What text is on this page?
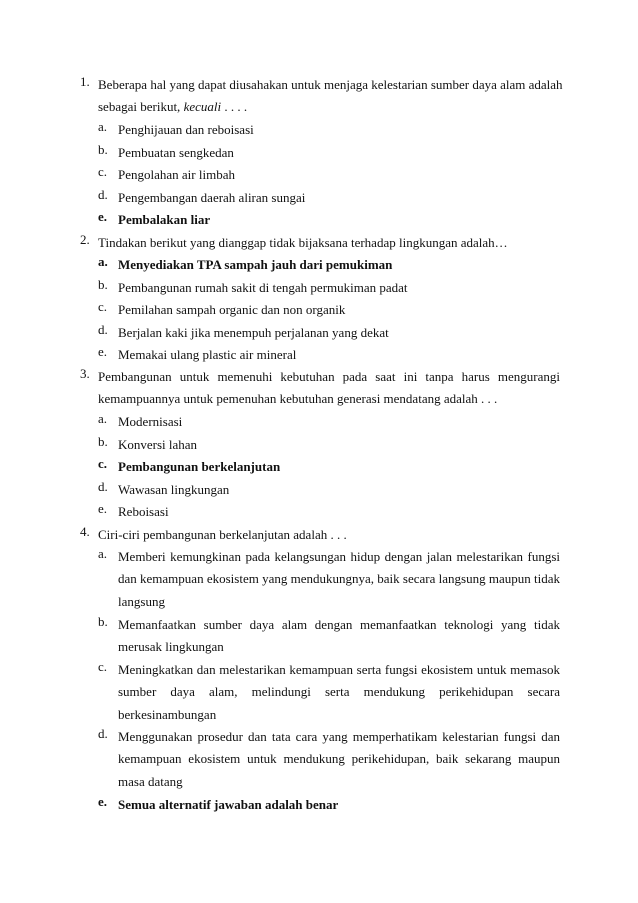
1. Beberapa hal yang dapat diusahakan untuk menjaga kelestarian sumber daya alam adalah
sebagai berikut, kecuali . . . .
a. Penghijauan dan reboisasi
b. Pembuatan sengkedan
c. Pengolahan air limbah
d. Pengembangan daerah aliran sungai
e. Pembalakan liar
2. Tindakan berikut yang dianggap tidak bijaksana terhadap lingkungan adalah…
a. Menyediakan TPA sampah jauh dari pemukiman
b. Pembangunan rumah sakit di tengah permukiman padat
c. Pemilahan sampah organic dan non organik
d. Berjalan kaki jika menempuh perjalanan yang dekat
e. Memakai ulang plastic air mineral
3. Pembangunan untuk memenuhi kebutuhan pada saat ini tanpa harus mengurangi
kemampuannya untuk pemenuhan kebutuhan generasi mendatang adalah . . .
a. Modernisasi
b. Konversi lahan
c. Pembangunan berkelanjutan
d. Wawasan lingkungan
e. Reboisasi
4. Ciri-ciri pembangunan berkelanjutan adalah . . .
a. Memberi kemungkinan pada kelangsungan hidup dengan jalan melestarikan fungsi
dan kemampuan ekosistem yang mendukungnya, baik secara langsung maupun tidak
langsung
b. Memanfaatkan sumber daya alam dengan memanfaatkan teknologi yang tidak
merusak lingkungan
c. Meningkatkan dan melestarikan kemampuan serta fungsi ekosistem untuk memasok
sumber daya alam, melindungi serta mendukung perikehidupan secara
berkesinambungan
d. Menggunakan prosedur dan tata cara yang memperhatikam kelestarian fungsi dan
kemampuan ekosistem untuk mendukung perikehidupan, baik sekarang maupun
masa datang
e. Semua alternatif jawaban adalah benar
